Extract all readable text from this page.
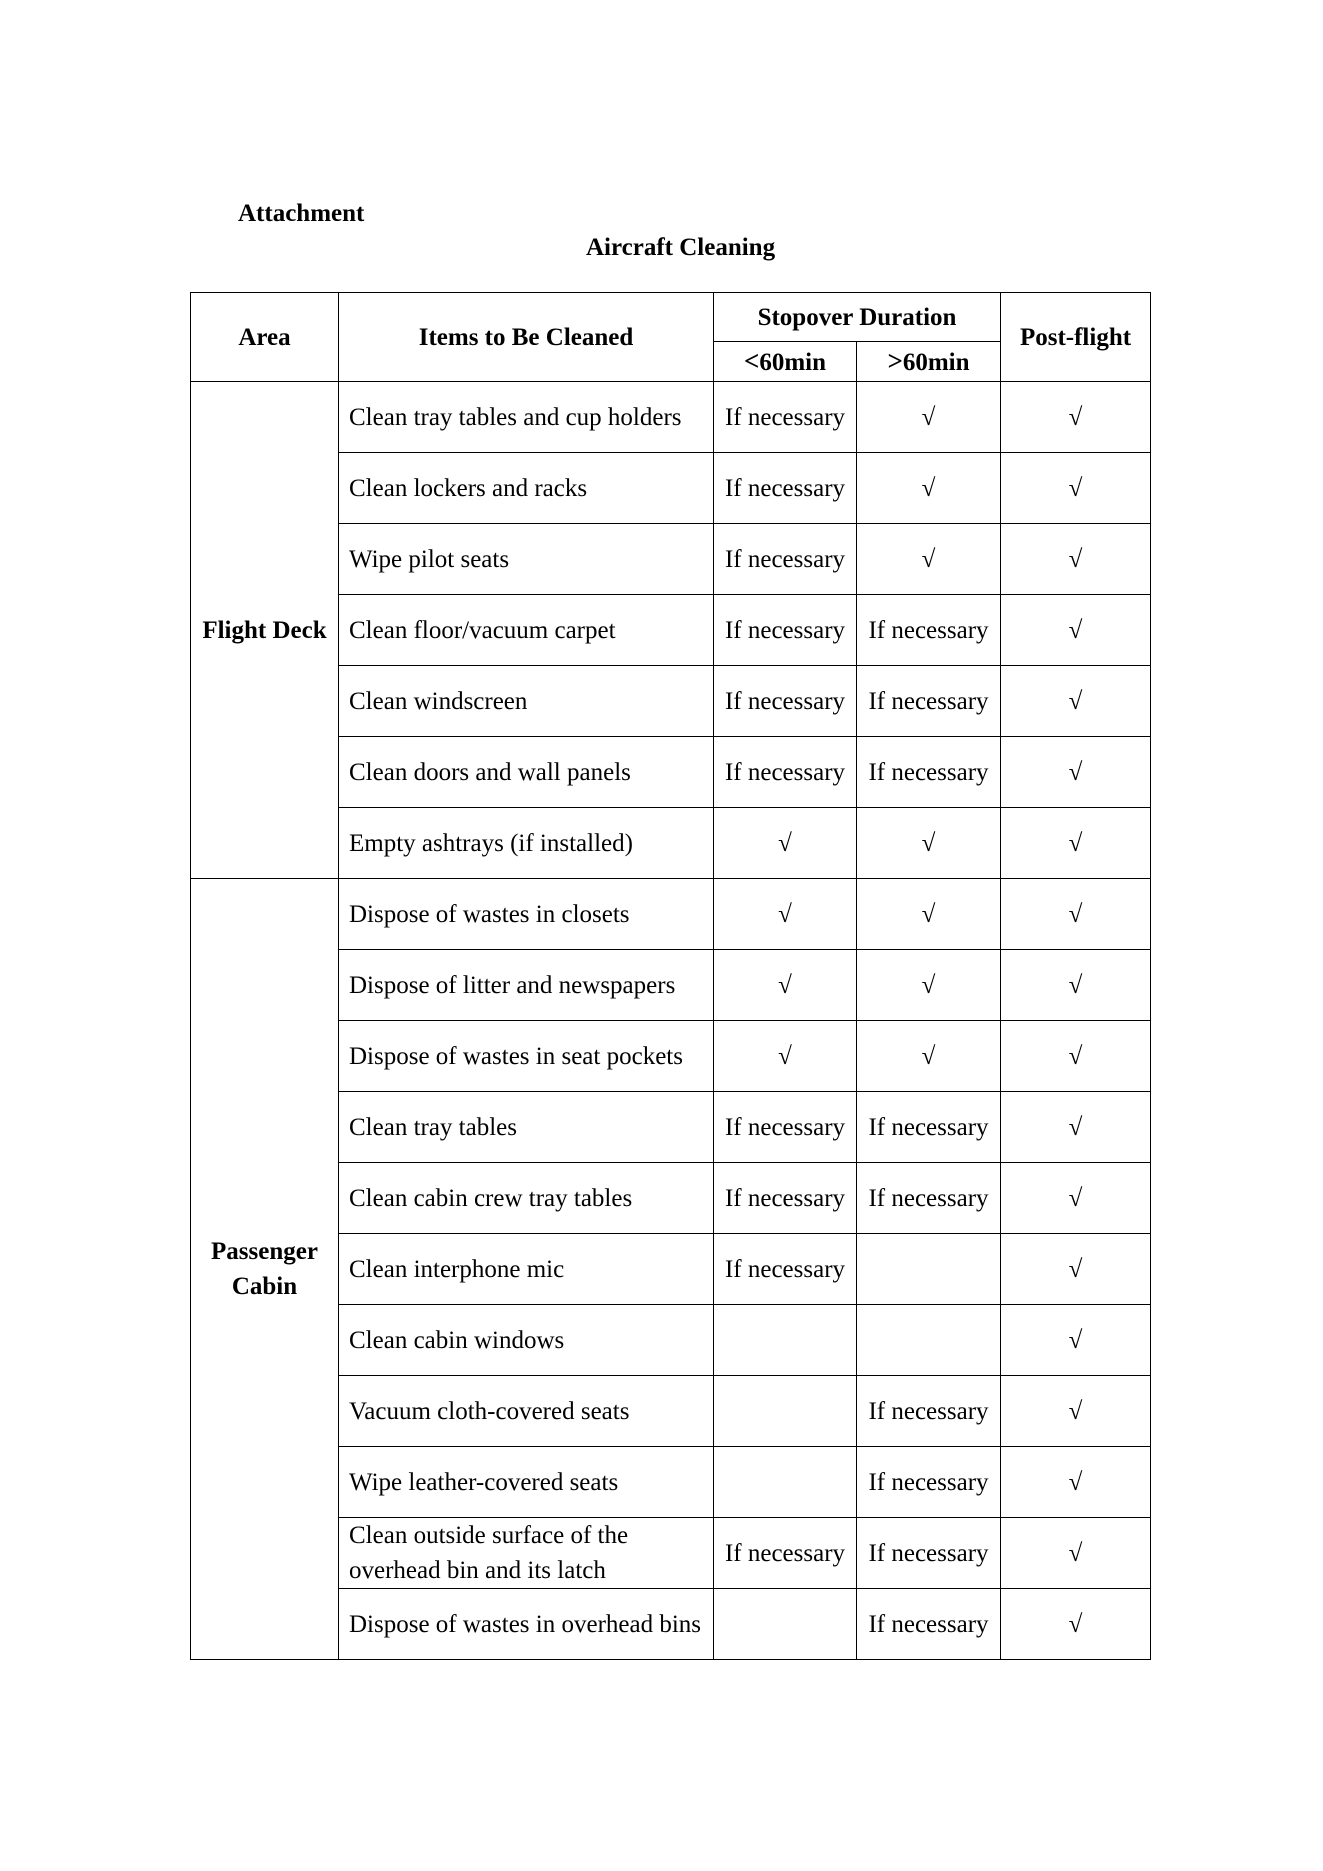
Attachment
Aircraft Cleaning
Area	Items to Be Cleaned	Stopover Duration		Post-flight
		<60min	>60min	
Flight Deck	Clean tray tables and cup holders	If necessary	√	√
	Clean lockers and racks	If necessary	√	√
	Wipe pilot seats	If necessary	√	√
	Clean floor/vacuum carpet	If necessary	If necessary	√
	Clean windscreen	If necessary	If necessary	√
	Clean doors and wall panels	If necessary	If necessary	√
	Empty ashtrays (if installed)	√	√	√
Passenger Cabin	Dispose of wastes in closets	√	√	√
	Dispose of litter and newspapers	√	√	√
	Dispose of wastes in seat pockets	√	√	√
	Clean tray tables	If necessary	If necessary	√
	Clean cabin crew tray tables	If necessary	If necessary	√
	Clean interphone mic	If necessary		√
	Clean cabin windows			√
	Vacuum cloth-covered seats		If necessary	√
	Wipe leather-covered seats		If necessary	√
	Clean outside surface of the overhead bin and its latch	If necessary	If necessary	√
	Dispose of wastes in overhead bins		If necessary	√
